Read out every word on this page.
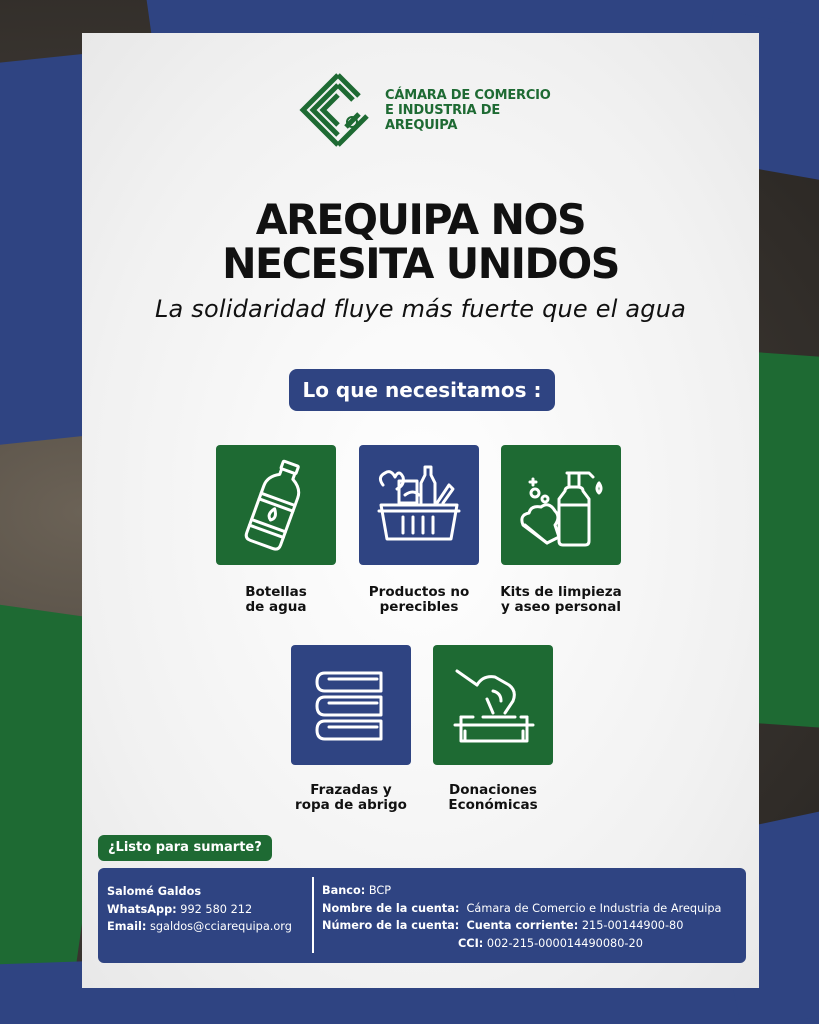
CÁMARA DE COMERCIO
E INDUSTRIA DE
AREQUIPA
AREQUIPA NOS
NECESITA UNIDOS
La solidaridad fluye más fuerte que el agua
Lo que necesitamos :
Botellas
de agua
Productos no
perecibles
Kits de limpieza
y aseo personal
Frazadas y
ropa de abrigo
Donaciones
Económicas
¿Listo para sumarte?
Salomé Galdos
WhatsApp: 992 580 212
Email: sgaldos@cciarequipa.org
Banco: BCP
Nombre de la cuenta: Cámara de Comercio e Industria de Arequipa
Número de la cuenta: Cuenta corriente: 215-00144900-80
CCI: 002-215-000014490080-20
